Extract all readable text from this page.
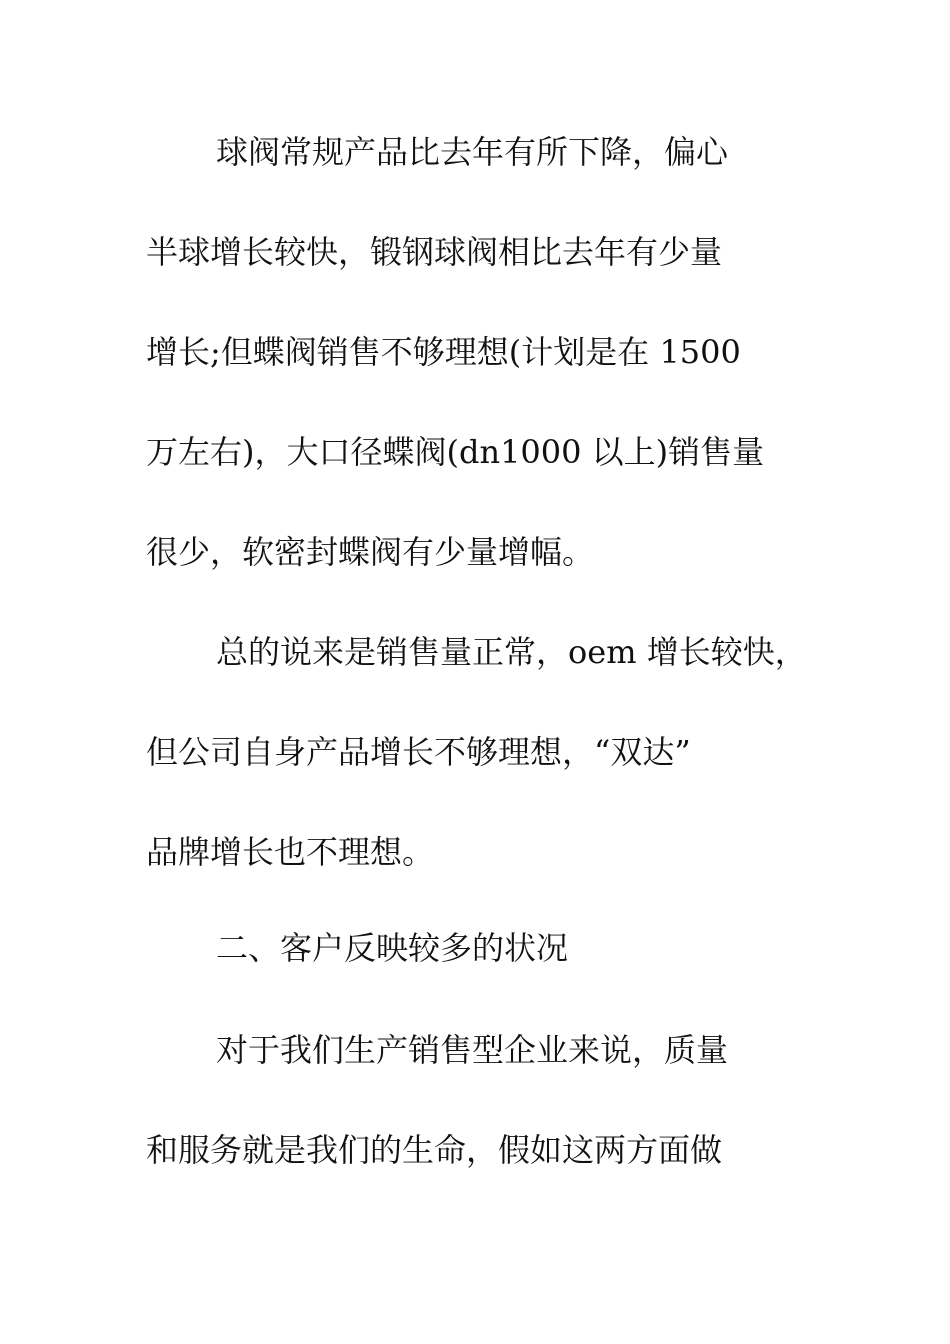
球阀常规产品比去年有所下降，偏心

半球增长较快，锻钢球阀相比去年有少量

增长;但蝶阀销售不够理想(计划是在 1500

万左右)，大口径蝶阀(dn1000 以上)销售量

很少，软密封蝶阀有少量增幅。

总的说来是销售量正常，oem 增长较快，

但公司自身产品增长不够理想，“双达”

品牌增长也不理想。

二、客户反映较多的状况

对于我们生产销售型企业来说，质量

和服务就是我们的生命，假如这两方面做
